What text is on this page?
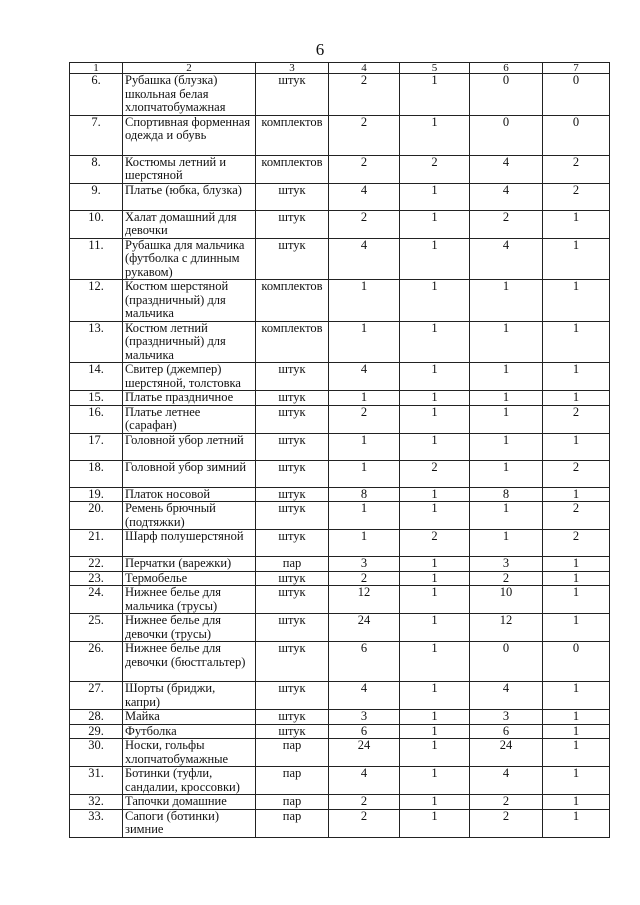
6
1	2	3	4	5	6	7
6.	Рубашка (блузка) школьная белая хлопчатобумажная	штук	2	1	0	0
7.	Спортивная форменная одежда и обувь	комплектов	2	1	0	0
8.	Костюмы летний и шерстяной	комплектов	2	2	4	2
9.	Платье (юбка, блузка)	штук	4	1	4	2
10.	Халат домашний для девочки	штук	2	1	2	1
11.	Рубашка для мальчика (футболка с длинным рукавом)	штук	4	1	4	1
12.	Костюм шерстяной (праздничный) для мальчика	комплектов	1	1	1	1
13.	Костюм летний (праздничный) для мальчика	комплектов	1	1	1	1
14.	Свитер (джемпер) шерстяной, толстовка	штук	4	1	1	1
15.	Платье праздничное	штук	1	1	1	1
16.	Платье летнее (сарафан)	штук	2	1	1	2
17.	Головной убор летний	штук	1	1	1	1
18.	Головной убор зимний	штук	1	2	1	2
19.	Платок носовой	штук	8	1	8	1
20.	Ремень брючный (подтяжки)	штук	1	1	1	2
21.	Шарф полушерстяной	штук	1	2	1	2
22.	Перчатки (варежки)	пар	3	1	3	1
23.	Термобелье	штук	2	1	2	1
24.	Нижнее белье для мальчика (трусы)	штук	12	1	10	1
25.	Нижнее белье для девочки (трусы)	штук	24	1	12	1
26.	Нижнее белье для девочки (бюстгальтер)	штук	6	1	0	0
27.	Шорты (бриджи, капри)	штук	4	1	4	1
28.	Майка	штук	3	1	3	1
29.	Футболка	штук	6	1	6	1
30.	Носки, гольфы хлопчатобумажные	пар	24	1	24	1
31.	Ботинки (туфли, сандалии, кроссовки)	пар	4	1	4	1
32.	Тапочки домашние	пар	2	1	2	1
33.	Сапоги (ботинки) зимние	пар	2	1	2	1
